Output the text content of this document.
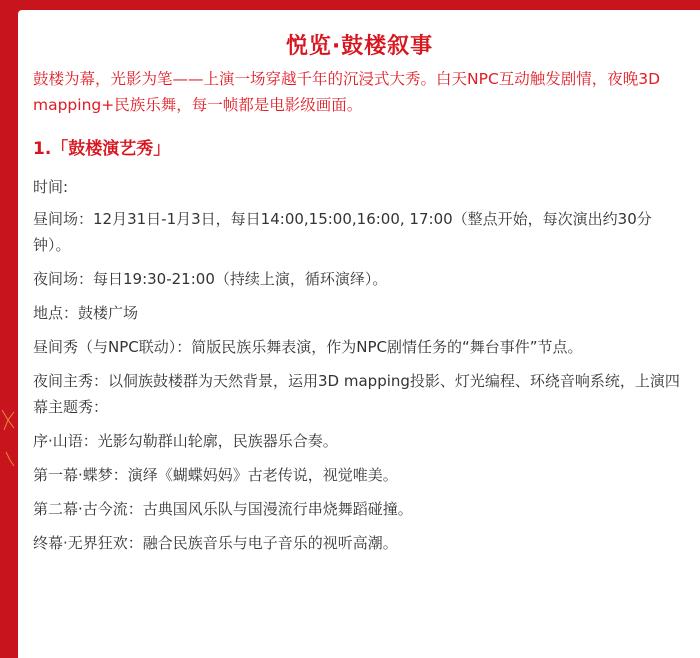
悦览·鼓楼叙事

鼓楼为幕，光影为笔——上演一场穿越千年的沉浸式大秀。白天NPC互动触发剧情，夜晚3D mapping+民族乐舞，每一帧都是电影级画面。

1.「鼓楼演艺秀」

时间:

昼间场：12月31日-1月3日，每日14:00,15:00,16:00, 17:00（整点开始，每次演出约30分钟）。

夜间场：每日19:30-21:00（持续上演，循环演绎）。

地点：鼓楼广场

昼间秀（与NPC联动）：简版民族乐舞表演，作为NPC剧情任务的“舞台事件”节点。

夜间主秀：以侗族鼓楼群为天然背景，运用3D mapping投影、灯光编程、环绕音响系统，上演四幕主题秀：

序·山语：光影勾勒群山轮廓，民族器乐合奏。

第一幕·蝶梦：演绎《蝴蝶妈妈》古老传说，视觉唯美。

第二幕·古今流：古典国风乐队与国漫流行串烧舞蹈碰撞。

终幕·无界狂欢：融合民族音乐与电子音乐的视听高潮。
